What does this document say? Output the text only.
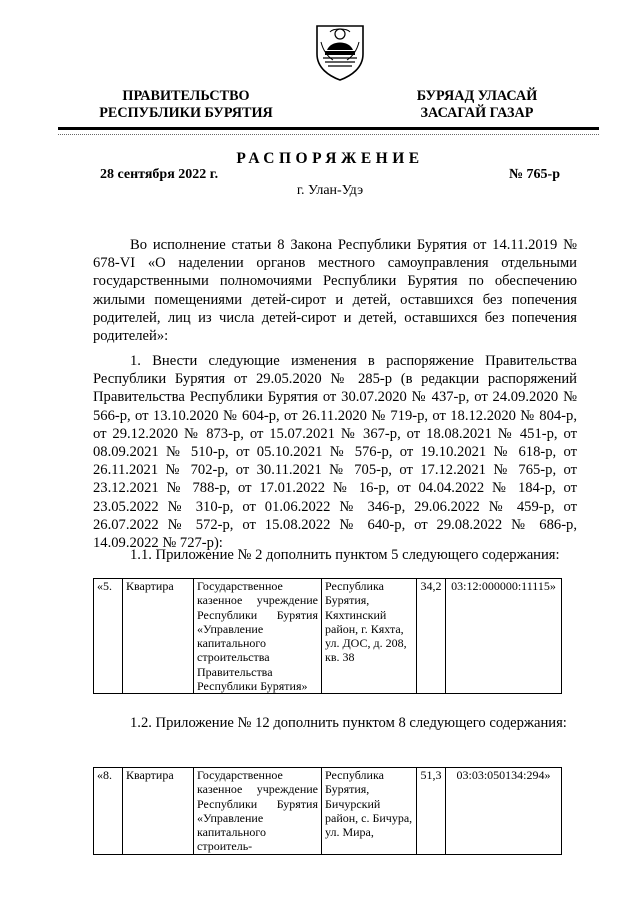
ПРАВИТЕЛЬСТВО
РЕСПУБЛИКИ БУРЯТИЯ
БУРЯАД УЛАСАЙ
ЗАСАГАЙ ГАЗАР
РАСПОРЯЖЕНИЕ
28 сентября 2022 г.	№ 765-р
г. Улан-Удэ

Во исполнение статьи 8 Закона Республики Бурятия от 14.11.2019 № 678-VI «О наделении органов местного самоуправления отдельными государственными полномочиями Республики Бурятия по обеспечению жилыми помещениями детей-сирот и детей, оставшихся без попечения родителей, лиц из числа детей-сирот и детей, оставшихся без попечения родителей»:

1. Внести следующие изменения в распоряжение Правительства Республики Бурятия от 29.05.2020 № 285-р (в редакции распоряжений Правительства Республики Бурятия от 30.07.2020 № 437-р, от 24.09.2020 № 566-р, от 13.10.2020 № 604-р, от 26.11.2020 № 719-р, от 18.12.2020 № 804-р, от 29.12.2020 № 873-р, от 15.07.2021 № 367-р, от 18.08.2021 № 451-р, от 08.09.2021 № 510-р, от 05.10.2021 № 576-р, от 19.10.2021 № 618-р, от 26.11.2021 № 702-р, от 30.11.2021 № 705-р, от 17.12.2021 № 765-р, от 23.12.2021 № 788-р, от 17.01.2022 № 16-р, от 04.04.2022 № 184-р, от 23.05.2022 № 310-р, от 01.06.2022 № 346-р, 29.06.2022 № 459-р, от 26.07.2022 № 572-р, от 15.08.2022 № 640-р, от 29.08.2022 № 686-р, 14.09.2022 № 727-р):

1.1. Приложение № 2 дополнить пунктом 5 следующего содержания:

«5.	Квартира	Государственное казенное учреждение Республики Бурятия «Управление капитального строительства Правительства Республики Бурятия»	Республика Бурятия, Кяхтинский район, г. Кяхта, ул. ДОС, д. 208, кв. 38	34,2	03:12:000000:11115»

1.2. Приложение № 12 дополнить пунктом 8 следующего содержания:

«8.	Квартира	Государственное казенное учреждение Республики Бурятия «Управление капитального строитель-	Республика Бурятия, Бичурский район, с. Бичура, ул. Мира,	51,3	03:03:050134:294»
